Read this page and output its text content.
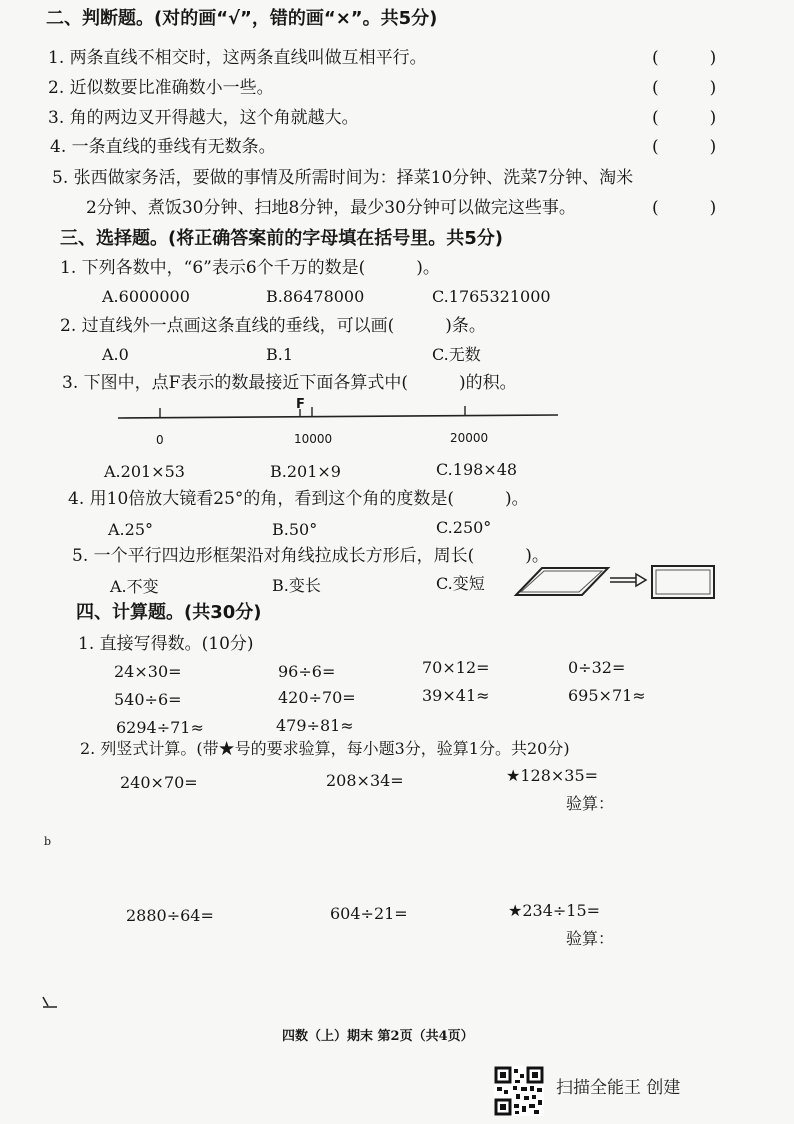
二、判断题。(对的画“√”，错的画“×”。共5分)
1. 两条直线不相交时，这两条直线叫做互相平行。	(　　　)
2. 近似数要比准确数小一些。	(　　　)
3. 角的两边叉开得越大，这个角就越大。	(　　　)
4. 一条直线的垂线有无数条。	(　　　)
5. 张西做家务活，要做的事情及所需时间为：择菜10分钟、洗菜7分钟、淘米
2分钟、煮饭30分钟、扫地8分钟，最少30分钟可以做完这些事。	(　　　)
三、选择题。(将正确答案前的字母填在括号里。共5分)
1. 下列各数中，“6”表示6个千万的数是(　　　)。
A.6000000	B.86478000	C.1765321000
2. 过直线外一点画这条直线的垂线，可以画(　　　)条。
A.0	B.1	C.无数
3. 下图中，点F表示的数最接近下面各算式中(　　　)的积。
F
0	10000	20000
A.201×53	B.201×9	C.198×48
4. 用10倍放大镜看25°的角，看到这个角的度数是(　　　)。
A.25°	B.50°	C.250°
5. 一个平行四边形框架沿对角线拉成长方形后，周长(　　　)。
A.不变	B.变长	C.变短
四、计算题。(共30分)
1. 直接写得数。(10分)
24×30=	96÷6=	70×12=	0÷32=
540÷6=	420÷70=	39×41≈	695×71≈
6294÷71≈	479÷81≈
2. 列竖式计算。(带★号的要求验算，每小题3分，验算1分。共20分)
240×70=	208×34=	★128×35=
验算：
b
2880÷64=	604÷21=	★234÷15=
验算：
四数（上）期末 第2页（共4页）
扫描全能王 创建
